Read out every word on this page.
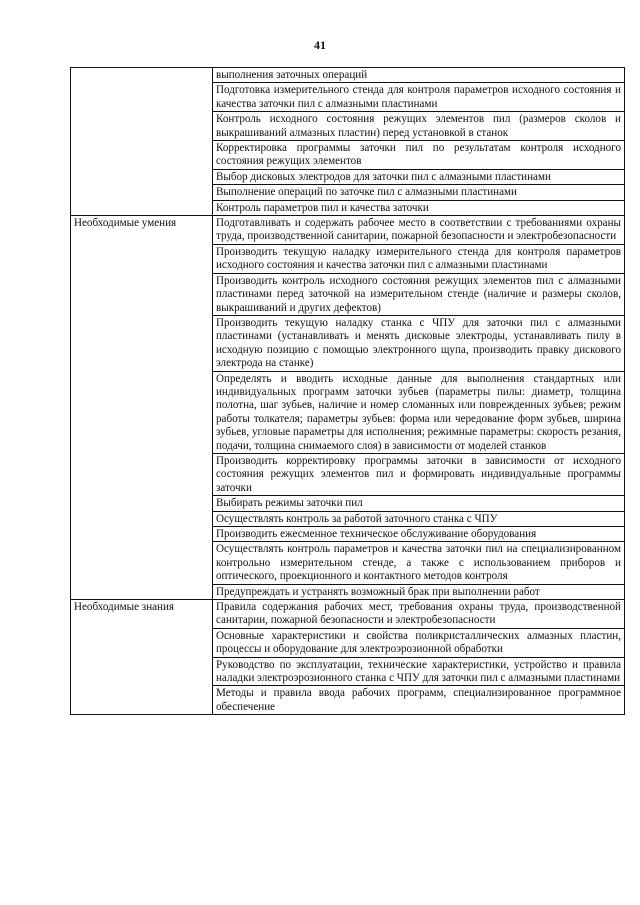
41
	выполнения заточных операций
	Подготовка измерительного стенда для контроля параметров исходного состояния и качества заточки пил с алмазными пластинами
	Контроль исходного состояния режущих элементов пил (размеров сколов и выкрашиваний алмазных пластин) перед установкой в станок
	Корректировка программы заточки пил по результатам контроля исходного состояния режущих элементов
	Выбор дисковых электродов для заточки пил с алмазными пластинами
	Выполнение операций по заточке пил с алмазными пластинами
	Контроль параметров пил и качества заточки
Необходимые умения	Подготавливать и содержать рабочее место в соответствии с требованиями охраны труда, производственной санитарии, пожарной безопасности и электробезопасности
	Производить текущую наладку измерительного стенда для контроля параметров исходного состояния и качества заточки пил с алмазными пластинами
	Производить контроль исходного состояния режущих элементов пил с алмазными пластинами перед заточкой на измерительном стенде (наличие и размеры сколов, выкрашиваний и других дефектов)
	Производить текущую наладку станка с ЧПУ для заточки пил с алмазными пластинами (устанавливать и менять дисковые электроды, устанавливать пилу в исходную позицию с помощью электронного щупа, производить правку дискового электрода на станке)
	Определять и вводить исходные данные для выполнения стандартных или индивидуальных программ заточки зубьев (параметры пилы: диаметр, толщина полотна, шаг зубьев, наличие и номер сломанных или поврежденных зубьев; режим работы толкателя; параметры зубьев: форма или чередование форм зубьев, ширина зубьев, угловые параметры для исполнения; режимные параметры: скорость резания, подачи, толщина снимаемого слоя) в зависимости от моделей станков
	Производить корректировку программы заточки в зависимости от исходного состояния режущих элементов пил и формировать индивидуальные программы заточки
	Выбирать режимы заточки пил
	Осуществлять контроль за работой заточного станка с ЧПУ
	Производить ежесменное техническое обслуживание оборудования
	Осуществлять контроль параметров и качества заточки пил на специализированном контрольно измерительном стенде, а также с использованием приборов и оптического, проекционного и контактного методов контроля
	Предупреждать и устранять возможный брак при выполнении работ
Необходимые знания	Правила содержания рабочих мест, требования охраны труда, производственной санитарии, пожарной безопасности и электробезопасности
	Основные характеристики и свойства поликристаллических алмазных пластин, процессы и оборудование для электроэрозионной обработки
	Руководство по эксплуатации, технические характеристики, устройство и правила наладки электроэрозионного станка с ЧПУ для заточки пил с алмазными пластинами
	Методы и правила ввода рабочих программ, специализированное программное обеспечение
